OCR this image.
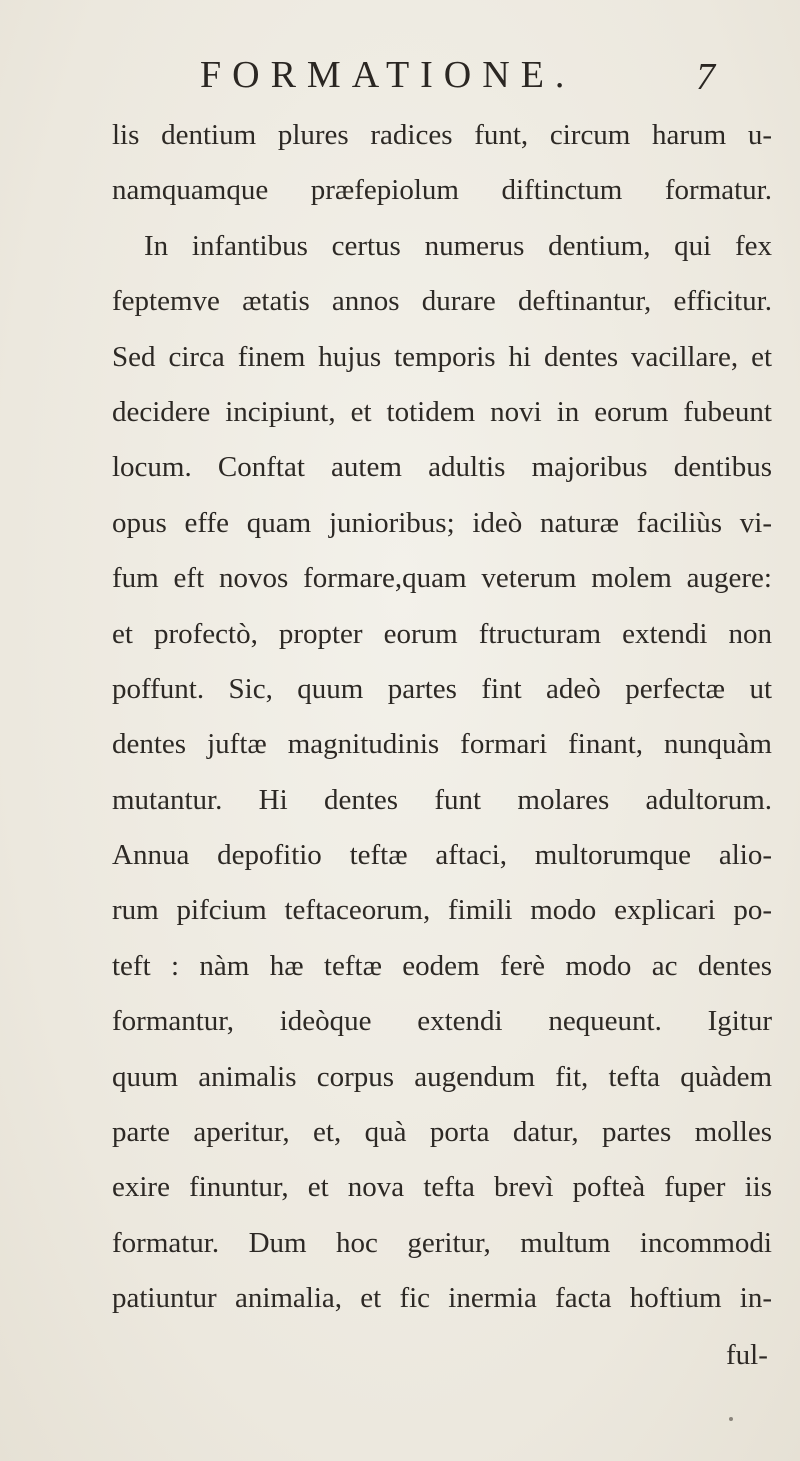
FORMATIONE.	7
lis dentium plures radices funt, circum harum u-
namquamque præfepiolum diftinctum formatur.
In infantibus certus numerus dentium, qui fex
feptemve ætatis annos durare deftinantur, efficitur.
Sed circa finem hujus temporis hi dentes vacillare, et
decidere incipiunt, et totidem novi in eorum fubeunt
locum. Conftat autem adultis majoribus dentibus
opus effe quam junioribus; ideò naturæ faciliùs vi-
fum eft novos formare,quam veterum molem augere:
et profectò, propter eorum ftructuram extendi non
poffunt. Sic, quum partes fint adeò perfectæ ut
dentes juftæ magnitudinis formari finant, nunquàm
mutantur. Hi dentes funt molares adultorum.
Annua depofitio teftæ aftaci, multorumque alio-
rum pifcium teftaceorum, fimili modo explicari po-
teft : nàm hæ teftæ eodem ferè modo ac dentes
formantur, ideòque extendi nequeunt. Igitur
quum animalis corpus augendum fit, tefta quàdem
parte aperitur, et, quà porta datur, partes molles
exire finuntur, et nova tefta brevì pofteà fuper iis
formatur. Dum hoc geritur, multum incommodi
patiuntur animalia, et fic inermia facta hoftium in-
ful-
